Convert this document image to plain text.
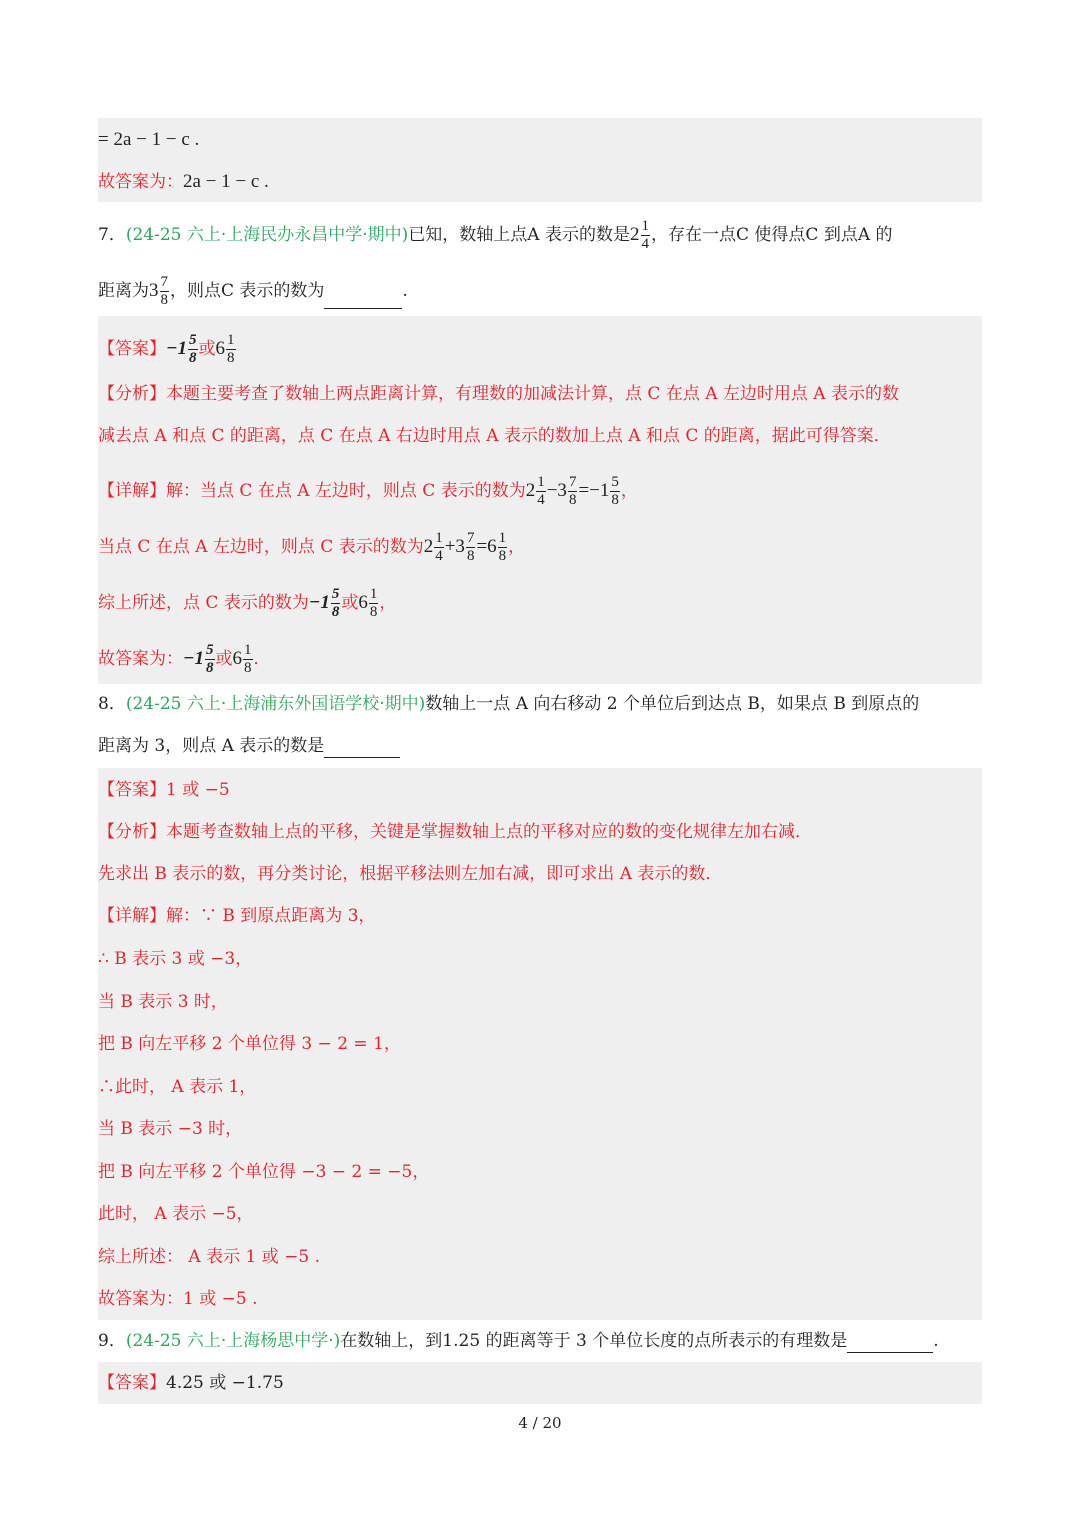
= 2a − 1 − c .
故答案为：2a − 1 − c .
7．(24-25 六上·上海民办永昌中学·期中)已知，数轴上点A 表示的数是$2 \frac{1}{4}$ ，存在一点C 使得点C 到点A 的
距离为$3 \frac{7}{8}$ ，则点C 表示的数为	.
【答案】$-1 \frac{5}{8}$ 或$6 \frac{1}{8}$
【分析】本题主要考查了数轴上两点距离计算，有理数的加减法计算，点 C 在点 A 左边时用点 A 表示的数
减去点 A 和点 C 的距离，点 C 在点 A 右边时用点 A 表示的数加上点 A 和点 C 的距离，据此可得答案．
【详解】解：当点 C 在点 A 左边时，则点 C 表示的数为$2 \frac{1}{4} -3 \frac{7}{8} =-1 \frac{5}{8}$ ，
当点 C 在点 A 左边时，则点 C 表示的数为$2 \frac{1}{4} +3 \frac{7}{8} =6 \frac{1}{8}$ ，
综上所述，点 C 表示的数为$-1 \frac{5}{8}$ 或$6 \frac{1}{8}$ ，
故答案为：$-1 \frac{5}{8}$ 或$6 \frac{1}{8}$ ．
8．(24-25 六上·上海浦东外国语学校·期中)数轴上一点 A 向右移动 2 个单位后到达点 B，如果点 B 到原点的
距离为 3，则点 A 表示的数是
【答案】1 或 −5
【分析】本题考查数轴上点的平移，关键是掌握数轴上点的平移对应的数的变化规律左加右减．
先求出 B 表示的数，再分类讨论，根据平移法则左加右减，即可求出 A 表示的数．
【详解】解：∵ B 到原点距离为 3，
∴ B 表示 3 或 −3，
当 B 表示 3 时，
把 B 向左平移 2 个单位得 3 − 2 = 1，
∴此时， A 表示 1，
当 B 表示 −3 时，
把 B 向左平移 2 个单位得 −3 − 2 = −5，
此时， A 表示 −5，
综上所述： A 表示 1 或 −5 .
故答案为：1 或 −5 .
9．(24-25 六上·上海杨思中学·)在数轴上，到1.25 的距离等于 3 个单位长度的点所表示的有理数是	.
【答案】4.25 或 −1.75
4 / 20
